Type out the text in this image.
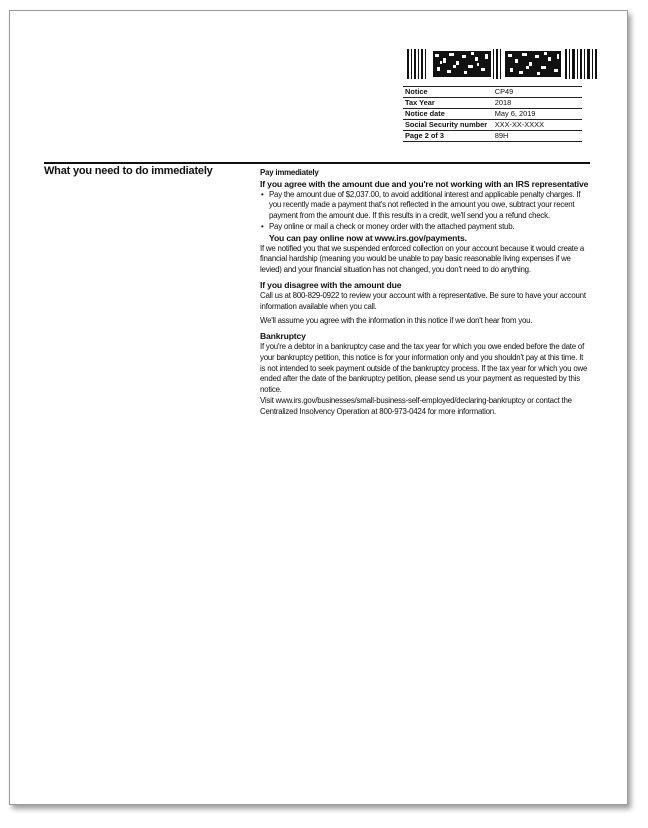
Notice	CP49
Tax Year	2018
Notice date	May 6, 2019
Social Security number	XXX-XX-XXXX
Page 2 of 3	89H
What you need to do immediately	Pay immediately

If you agree with the amount due and you're not working with an IRS representative

• Pay the amount due of $2,037.00, to avoid additional interest and applicable penalty charges. If you recently made a payment that's not reflected in the amount you owe, subtract your recent payment from the amount due. If this results in a credit, we'll send you a refund check.
• Pay online or mail a check or money order with the attached payment stub.

You can pay online now at www.irs.gov/payments.

If we notified you that we suspended enforced collection on your account because it would create a financial hardship (meaning you would be unable to pay basic reasonable living expenses if we levied) and your financial situation has not changed, you don't need to do anything.

If you disagree with the amount due

Call us at 800-829-0922 to review your account with a representative. Be sure to have your account information available when you call.

We'll assume you agree with the information in this notice if we don't hear from you.

Bankruptcy

If you're a debtor in a bankruptcy case and the tax year for which you owe ended before the date of your bankruptcy petition, this notice is for your information only and you shouldn't pay at this time. It is not intended to seek payment outside of the bankruptcy process. If the tax year for which you owe ended after the date of the bankruptcy petition, please send us your payment as requested by this notice.

Visit www.irs.gov/businesses/small-business-self-employed/declaring-bankruptcy or contact the Centralized Insolvency Operation at 800-973-0424 for more information.
